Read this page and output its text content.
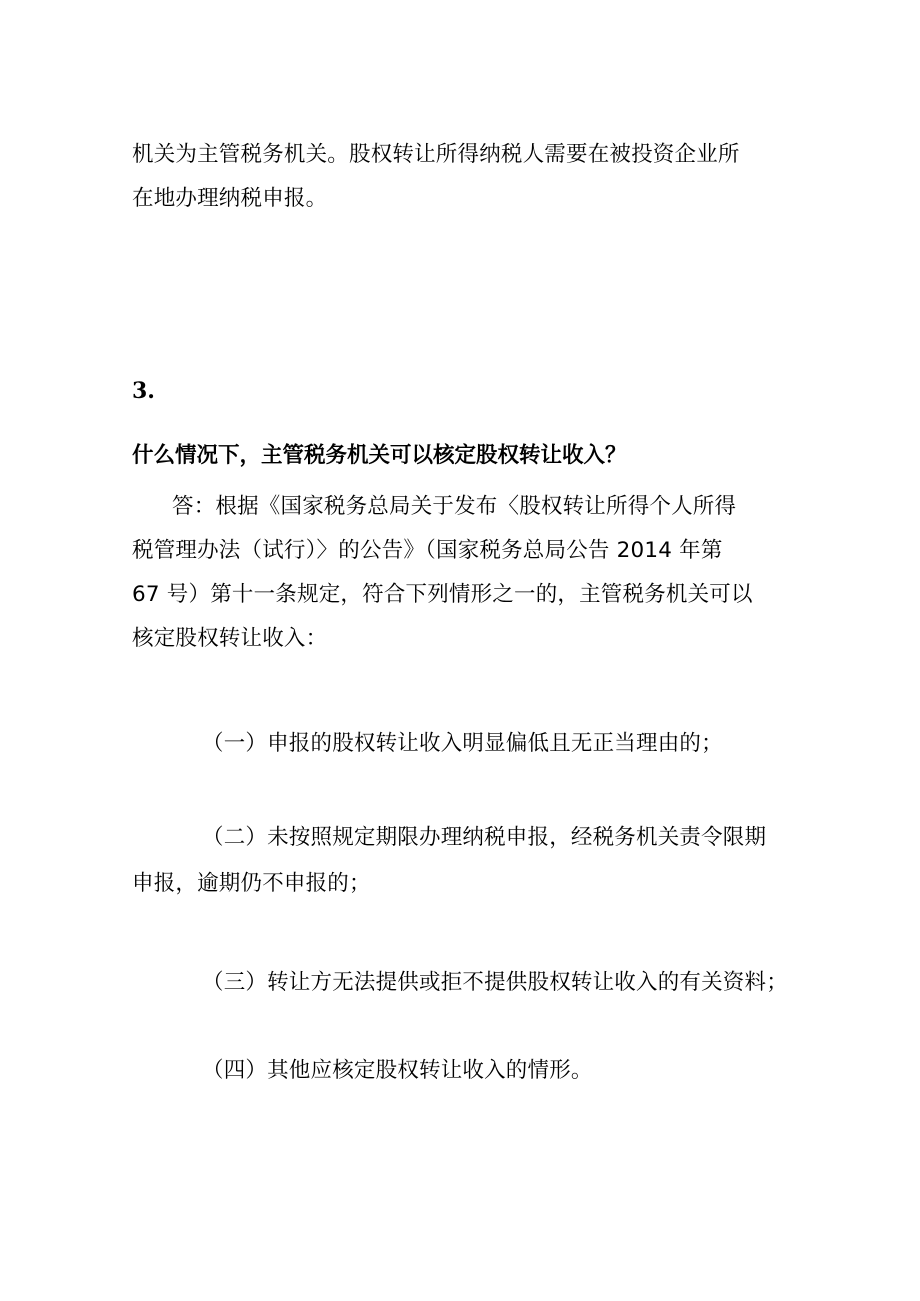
机关为主管税务机关。股权转让所得纳税人需要在被投资企业所
在地办理纳税申报。
3.
什么情况下，主管税务机关可以核定股权转让收入？
答：根据《国家税务总局关于发布〈股权转让所得个人所得
税管理办法（试行）〉的公告》（国家税务总局公告 2014 年第
67 号）第十一条规定，符合下列情形之一的，主管税务机关可以
核定股权转让收入：
（一）申报的股权转让收入明显偏低且无正当理由的；
（二）未按照规定期限办理纳税申报，经税务机关责令限期
申报，逾期仍不申报的；
（三）转让方无法提供或拒不提供股权转让收入的有关资料；
（四）其他应核定股权转让收入的情形。
